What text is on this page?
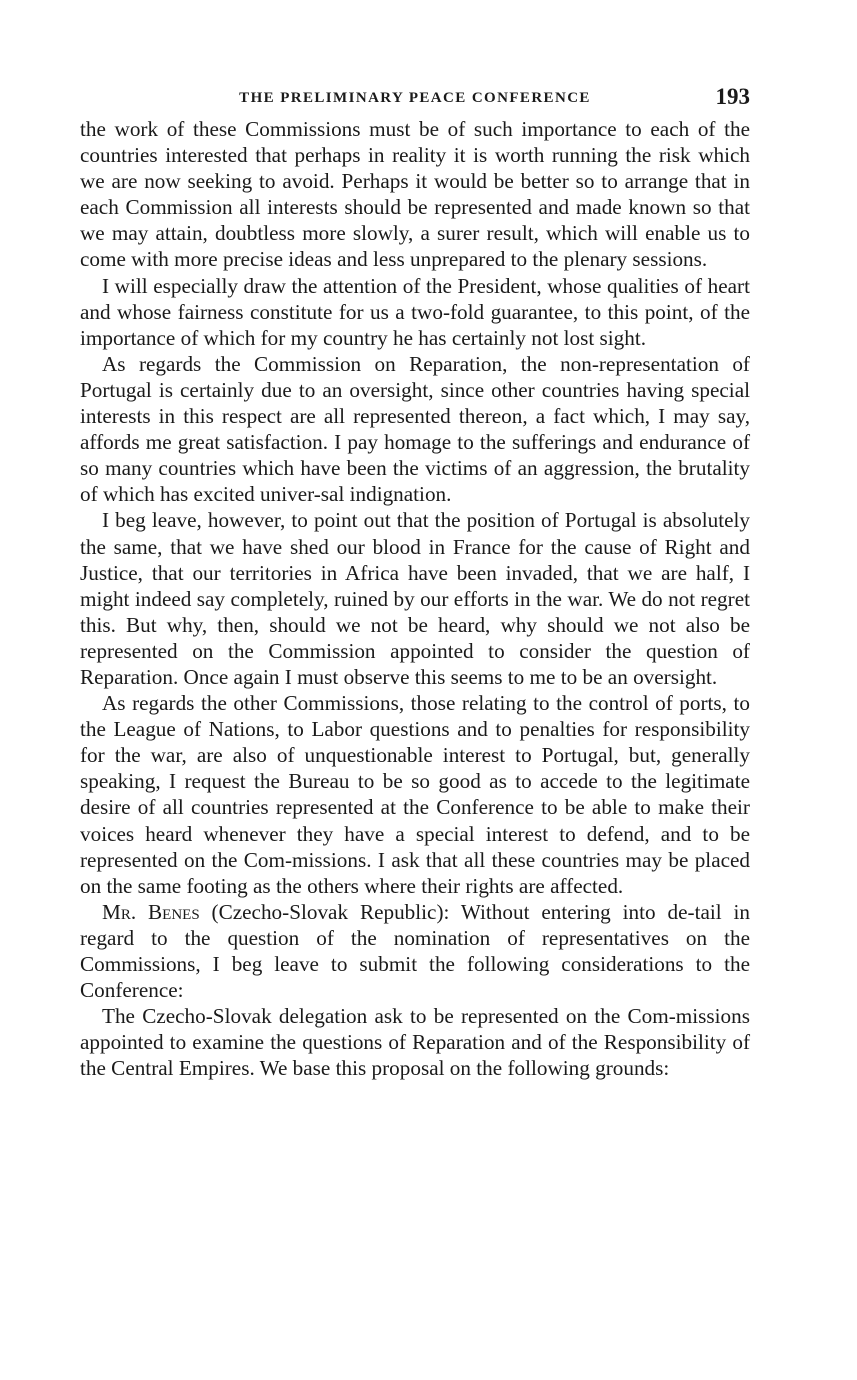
THE PRELIMINARY PEACE CONFERENCE	193

the work of these Commissions must be of such importance to each of the countries interested that perhaps in reality it is worth running the risk which we are now seeking to avoid. Perhaps it would be better so to arrange that in each Commission all interests should be represented and made known so that we may attain, doubtless more slowly, a surer result, which will enable us to come with more precise ideas and less unprepared to the plenary sessions.

I will especially draw the attention of the President, whose qualities of heart and whose fairness constitute for us a two-fold guarantee, to this point, of the importance of which for my country he has certainly not lost sight.

As regards the Commission on Reparation, the non-representation of Portugal is certainly due to an oversight, since other countries having special interests in this respect are all represented thereon, a fact which, I may say, affords me great satisfaction. I pay homage to the sufferings and endurance of so many countries which have been the victims of an aggression, the brutality of which has excited univer-sal indignation.

I beg leave, however, to point out that the position of Portugal is absolutely the same, that we have shed our blood in France for the cause of Right and Justice, that our territories in Africa have been invaded, that we are half, I might indeed say completely, ruined by our efforts in the war. We do not regret this. But why, then, should we not be heard, why should we not also be represented on the Commission appointed to consider the question of Reparation. Once again I must observe this seems to me to be an oversight.

As regards the other Commissions, those relating to the control of ports, to the League of Nations, to Labor questions and to penalties for responsibility for the war, are also of unquestionable interest to Portugal, but, generally speaking, I request the Bureau to be so good as to accede to the legitimate desire of all countries represented at the Conference to be able to make their voices heard whenever they have a special interest to defend, and to be represented on the Com-missions. I ask that all these countries may be placed on the same footing as the others where their rights are affected.

Mr. Benes (Czecho-Slovak Republic): Without entering into de-tail in regard to the question of the nomination of representatives on the Commissions, I beg leave to submit the following considerations to the Conference:

The Czecho-Slovak delegation ask to be represented on the Com-missions appointed to examine the questions of Reparation and of the Responsibility of the Central Empires. We base this proposal on the following grounds:
